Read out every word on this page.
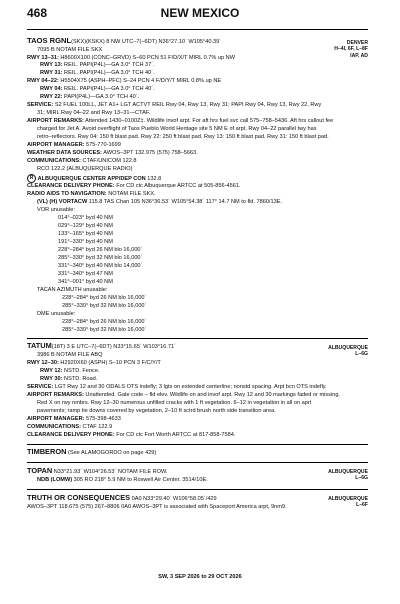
468	NEW MEXICO
TAOS RGNL(SKX)(KSKX) 8 NW UTC–7(–6DT) N36°27.10´ W105°40.39´	DENVER
H–4I, 6F, L–8F
IAP, AD
7095 B NOTAM FILE SKX
RWY 13–31: H8600X100 (CONC–GRVD) S–60 PCN 51 F/D/X/T MIRL 0.7% up NW
RWY 13: REIL. PAPI(P4L)—GA 3.0° TCH 37´.
RWY 31: REIL. PAPI(P4L)—GA 3.0° TCH 40´.
RWY 04–22: H5504X75 (ASPH–PFC) S–24 PCN 4 F/D/Y/T MIRL 0.8% up NE
RWY 04: REIL. PAPI(P4L)—GA 3.0° TCH 40´.
RWY 22: PAPI(P4L)—GA 3.0° TCH 40´.
SERVICE: S2 FUEL 100LL, JET A1+ LGT ACTVT REIL Rwy 04, Rwy 13, Rwy 31; PAPI Rwy 04, Rwy 13, Rwy 22, Rwy
31; MIRL Rwy 04–22 and Rwy 13–31—CTAF.
AIRPORT REMARKS: Attended 1430–0100Z‡. Wildlife invof arpt. For aft hrs fuel svc call 575–758–5436. Aft hrs callout fee
charged for Jet A. Avoid overflight of Taos Pueblo World Heritage site 5 NM E of arpt. Rwy 04–22 parallel twy has
retro–reflectors. Rwy 04: 150 ft blast pad. Rwy 22: 250 ft blast pad. Rwy 13: 150 ft blast pad. Rwy 31: 150 ft blast pad.
AIRPORT MANAGER: 575-770-1699
WEATHER DATA SOURCES: AWOS–3PT 132.975 (575) 758–5663.
COMMUNICATIONS: CTAF/UNICOM 122.8
RCO 122.2 (ALBUQUERQUE RADIO)
R ALBUQUERQUE CENTER APP/DEP CON 132.8
CLEARANCE DELIVERY PHONE: For CD ctc Albuquerque ARTCC at 505-856-4561.
RADIO AIDS TO NAVIGATION: NOTAM FILE SKX.
(VL) (H) VORTACW 115.8 TAS Chan 105 N36°36.53´ W105°54.38´ 117° 14.7 NM to fld. 7860/13E.
VOR unusable:
014°–023° byd 40 NM
029°–129° byd 40 NM
133°–165° byd 40 NM
191°–330° byd 40 NM
228°–284° byd 26 NM blo 16,000´
285°–330° byd 32 NM blo 16,000´
331°–340° byd 40 NM blo 14,000´
331°–340° byd 47 NM
341°–001° byd 40 NM
TACAN AZIMUTH unusable:
228°–284° byd 26 NM blo 16,000´
285°–330° byd 32 NM blo 16,000´
DME unusable:
228°–284° byd 26 NM blo 16,000´
285°–330° byd 32 NM blo 16,000´
TATUM(18T) 3 E UTC–7(–6DT) N33°15.65´ W103°16.71´	ALBUQUERQUE
L–6G
3986 B NOTAM FILE ABQ
RWY 12–30: H2920X60 (ASPH) S–10 PCN 3 F/C/Y/T
RWY 12: NSTD. Fence.
RWY 30: NSTD. Road.
SERVICE: LGT Rwy 12 and 30 ODALS OTS indefly; 3 lgts on extended centerline; nonstd spacing. Arpt bcn OTS indefly.
AIRPORT REMARKS: Unattended. Gate code – fld elev. Wildlife on and invof arpt. Rwy 12 and 30 markings faded or missing.
Red X on rwy nmbrs. Rwy 12–30 numerous unfilled cracks with 1 ft vegetation. 6–12 in vegetation in all on aprt
pavements; ramp tie downs covered by vegetation, 2–10 ft sctrd brush north side transition area.
AIRPORT MANAGER: 575-398-4633
COMMUNICATIONS: CTAF 122.9
CLEARANCE DELIVERY PHONE: For CD ctc Fort Worth ARTCC at 817-858-7584.
TIMBERON (See ALAMOGORDO on page 429)
TOPAN N33°21.93´ W104°26.53´ NOTAM FILE ROW.	ALBUQUERQUE
L–6G
NDB (LOMW) 305 RO 218° 5.9 NM to Roswell Air Center. 3514/10E.
TRUTH OR CONSEQUENCES 0A0 N33°29.40´ W106°58.05´/429	ALBUQUERQUE
L–6F
AWOS–3PT 118.675 (575) 267–8806 0A0 AWOS–3PT is associated with Spaceport America arpt, 9nm9.
SW, 3 SEP 2026 to 29 OCT 2026
